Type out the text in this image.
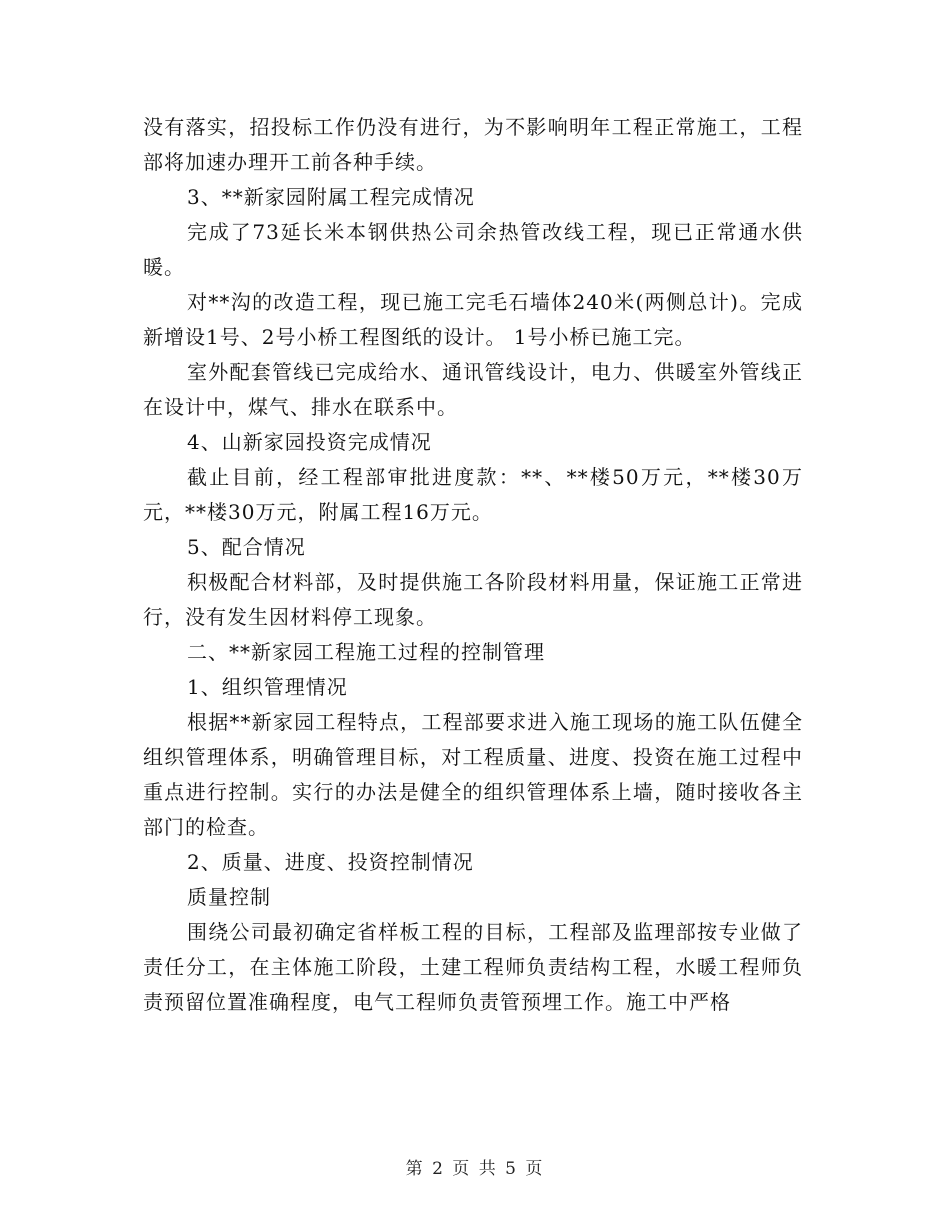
没有落实，招投标工作仍没有进行，为不影响明年工程正常施工，工程部将加速办理开工前各种手续。

3、**新家园附属工程完成情况

完成了73延长米本钢供热公司余热管改线工程，现已正常通水供暖。

对**沟的改造工程，现已施工完毛石墙体240米(两侧总计)。完成新增设1号、2号小桥工程图纸的设计。 1号小桥已施工完。

室外配套管线已完成给水、通讯管线设计，电力、供暖室外管线正在设计中，煤气、排水在联系中。

4、山新家园投资完成情况

截止目前，经工程部审批进度款：**、**楼50万元，**楼30万元，**楼30万元，附属工程16万元。

5、配合情况

积极配合材料部，及时提供施工各阶段材料用量，保证施工正常进行，没有发生因材料停工现象。

二、**新家园工程施工过程的控制管理

1、组织管理情况

根据**新家园工程特点，工程部要求进入施工现场的施工队伍健全组织管理体系，明确管理目标，对工程质量、进度、投资在施工过程中重点进行控制。实行的办法是健全的组织管理体系上墙，随时接收各主部门的检查。

2、质量、进度、投资控制情况

质量控制

围绕公司最初确定省样板工程的目标，工程部及监理部按专业做了责任分工，在主体施工阶段，土建工程师负责结构工程，水暖工程师负责预留位置准确程度，电气工程师负责管预埋工作。施工中严格

第 2 页 共 5 页
